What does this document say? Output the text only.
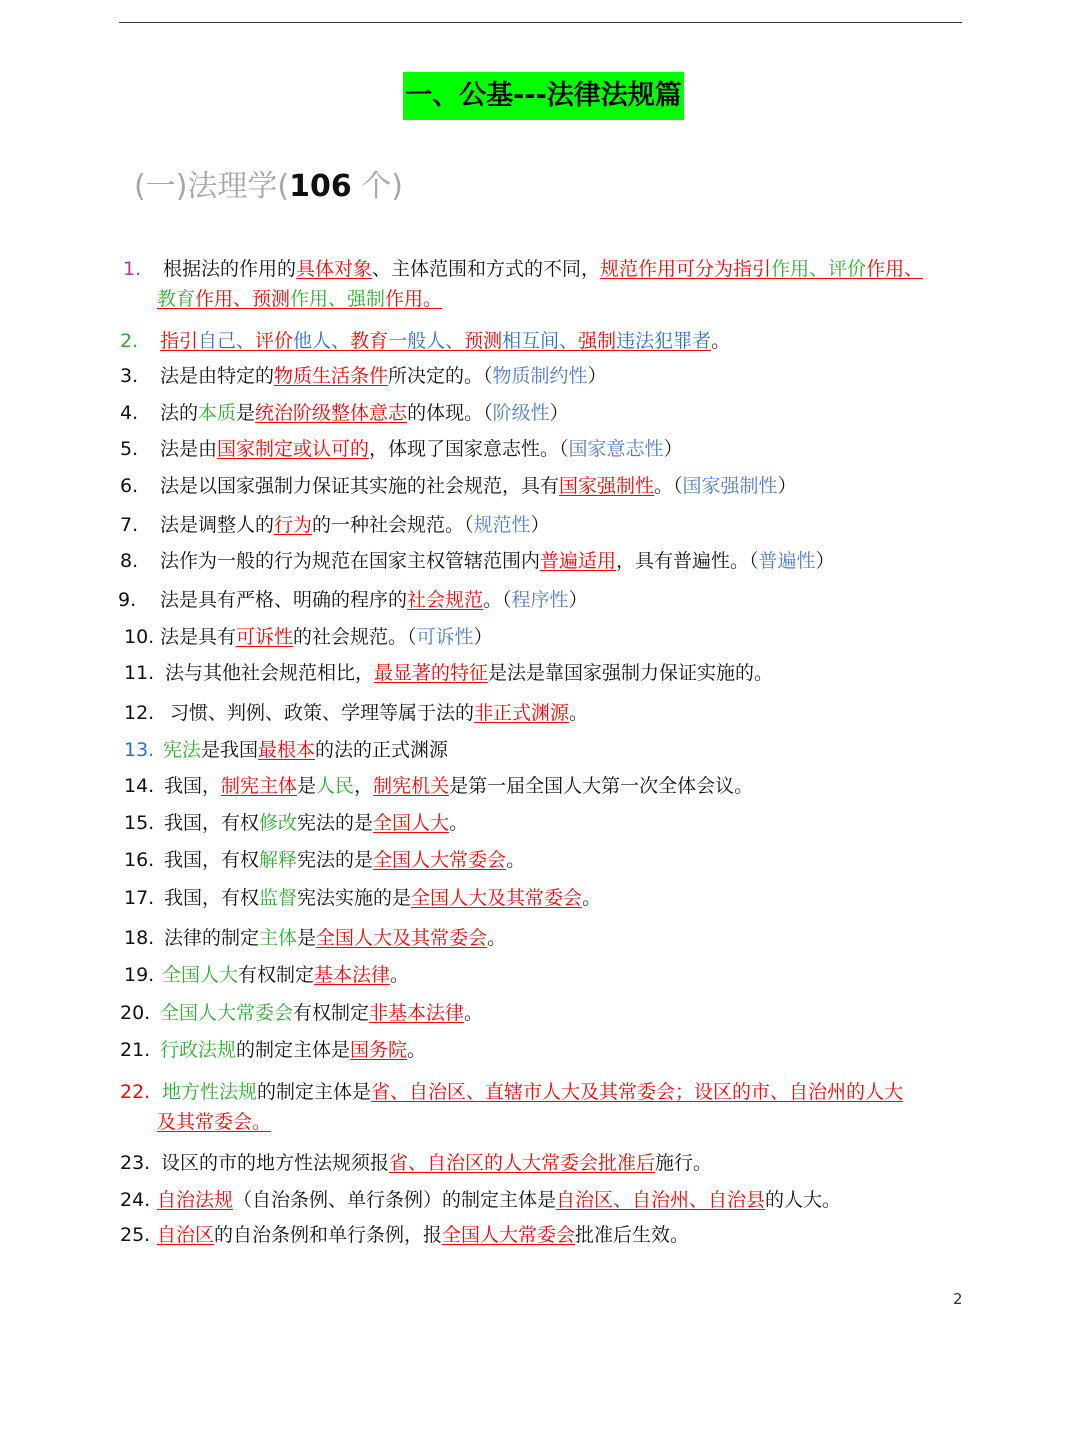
一、公基---法律法规篇
(一)法理学(106 个)
1. 根据法的作用的具体对象、主体范围和方式的不同，规范作用可分为指引作用、评价作用、
教育作用、预测作用、强制作用。
2. 指引自己、评价他人、教育一般人、预测相互间、强制违法犯罪者。
3. 法是由特定的物质生活条件所决定的。（物质制约性）
4. 法的本质是统治阶级整体意志的体现。（阶级性）
5. 法是由国家制定或认可的，体现了国家意志性。（国家意志性）
6. 法是以国家强制力保证其实施的社会规范，具有国家强制性。（国家强制性）
7. 法是调整人的行为的一种社会规范。（规范性）
8. 法作为一般的行为规范在国家主权管辖范围内普遍适用，具有普遍性。（普遍性）
9. 法是具有严格、明确的程序的社会规范。（程序性）
10. 法是具有可诉性的社会规范。（可诉性）
11. 法与其他社会规范相比，最显著的特征是法是靠国家强制力保证实施的。
12. 习惯、判例、政策、学理等属于法的非正式渊源。
13. 宪法是我国最根本的法的正式渊源
14. 我国，制宪主体是人民，制宪机关是第一届全国人大第一次全体会议。
15. 我国，有权修改宪法的是全国人大。
16. 我国，有权解释宪法的是全国人大常委会。
17. 我国，有权监督宪法实施的是全国人大及其常委会。
18. 法律的制定主体是全国人大及其常委会。
19. 全国人大有权制定基本法律。
20. 全国人大常委会有权制定非基本法律。
21. 行政法规的制定主体是国务院。
22. 地方性法规的制定主体是省、自治区、直辖市人大及其常委会；设区的市、自治州的人大
及其常委会。
23. 设区的市的地方性法规须报省、自治区的人大常委会批准后施行。
24. 自治法规（自治条例、单行条例）的制定主体是自治区、自治州、自治县的人大。
25. 自治区的自治条例和单行条例，报全国人大常委会批准后生效。
2
